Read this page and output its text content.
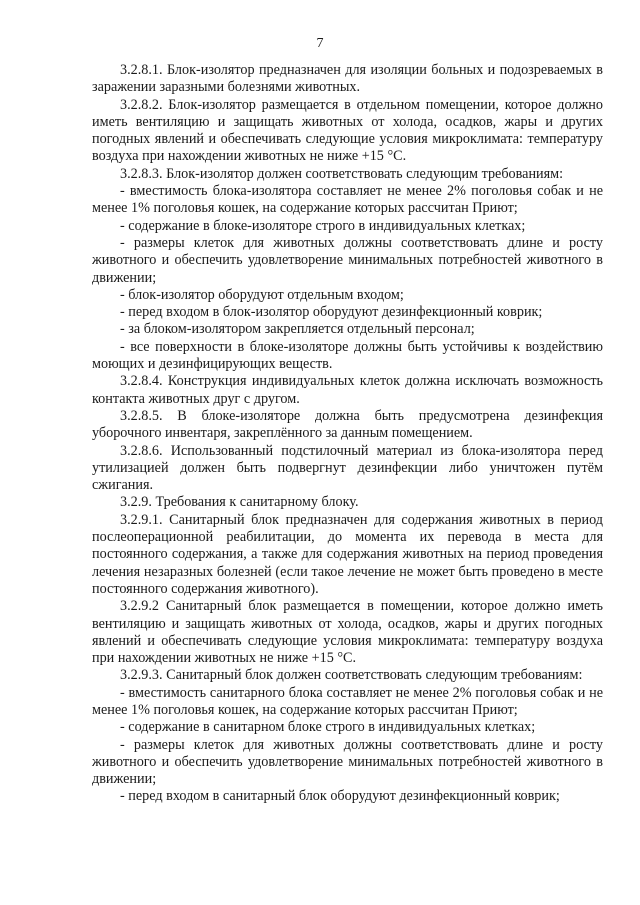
7

3.2.8.1. Блок-изолятор предназначен для изоляции больных и подозреваемых в заражении заразными болезнями животных.

3.2.8.2. Блок-изолятор размещается в отдельном помещении, которое должно иметь вентиляцию и защищать животных от холода, осадков, жары и других погодных явлений и обеспечивать следующие условия микроклимата: температуру воздуха при нахождении животных не ниже +15 °С.

3.2.8.3. Блок-изолятор должен соответствовать следующим требованиям:

- вместимость блока-изолятора составляет не менее 2% поголовья собак и не менее 1% поголовья кошек, на содержание которых рассчитан Приют;

- содержание в блоке-изоляторе строго в индивидуальных клетках;

- размеры клеток для животных должны соответствовать длине и росту животного и обеспечить удовлетворение минимальных потребностей животного в движении;

- блок-изолятор оборудуют отдельным входом;

- перед входом в блок-изолятор оборудуют дезинфекционный коврик;

- за блоком-изолятором закрепляется отдельный персонал;

- все поверхности в блоке-изоляторе должны быть устойчивы к воздействию моющих и дезинфицирующих веществ.

3.2.8.4. Конструкция индивидуальных клеток должна исключать возможность контакта животных друг с другом.

3.2.8.5. В блоке-изоляторе должна быть предусмотрена дезинфекция уборочного инвентаря, закреплённого за данным помещением.

3.2.8.6. Использованный подстилочный материал из блока-изолятора перед утилизацией должен быть подвергнут дезинфекции либо уничтожен путём сжигания.

3.2.9. Требования к санитарному блоку.

3.2.9.1. Санитарный блок предназначен для содержания животных в период послеоперационной реабилитации, до момента их перевода в места для постоянного содержания, а также для содержания животных на период проведения лечения незаразных болезней (если такое лечение не может быть проведено в месте постоянного содержания животного).

3.2.9.2 Санитарный блок размещается в помещении, которое должно иметь вентиляцию и защищать животных от холода, осадков, жары и других погодных явлений и обеспечивать следующие условия микроклимата: температуру воздуха при нахождении животных не ниже +15 °С.

3.2.9.3. Санитарный блок должен соответствовать следующим требованиям:

- вместимость санитарного блока составляет не менее 2% поголовья собак и не менее 1% поголовья кошек, на содержание которых рассчитан Приют;

- содержание в санитарном блоке строго в индивидуальных клетках;

- размеры клеток для животных должны соответствовать длине и росту животного и обеспечить удовлетворение минимальных потребностей животного в движении;

- перед входом в санитарный блок оборудуют дезинфекционный коврик;
